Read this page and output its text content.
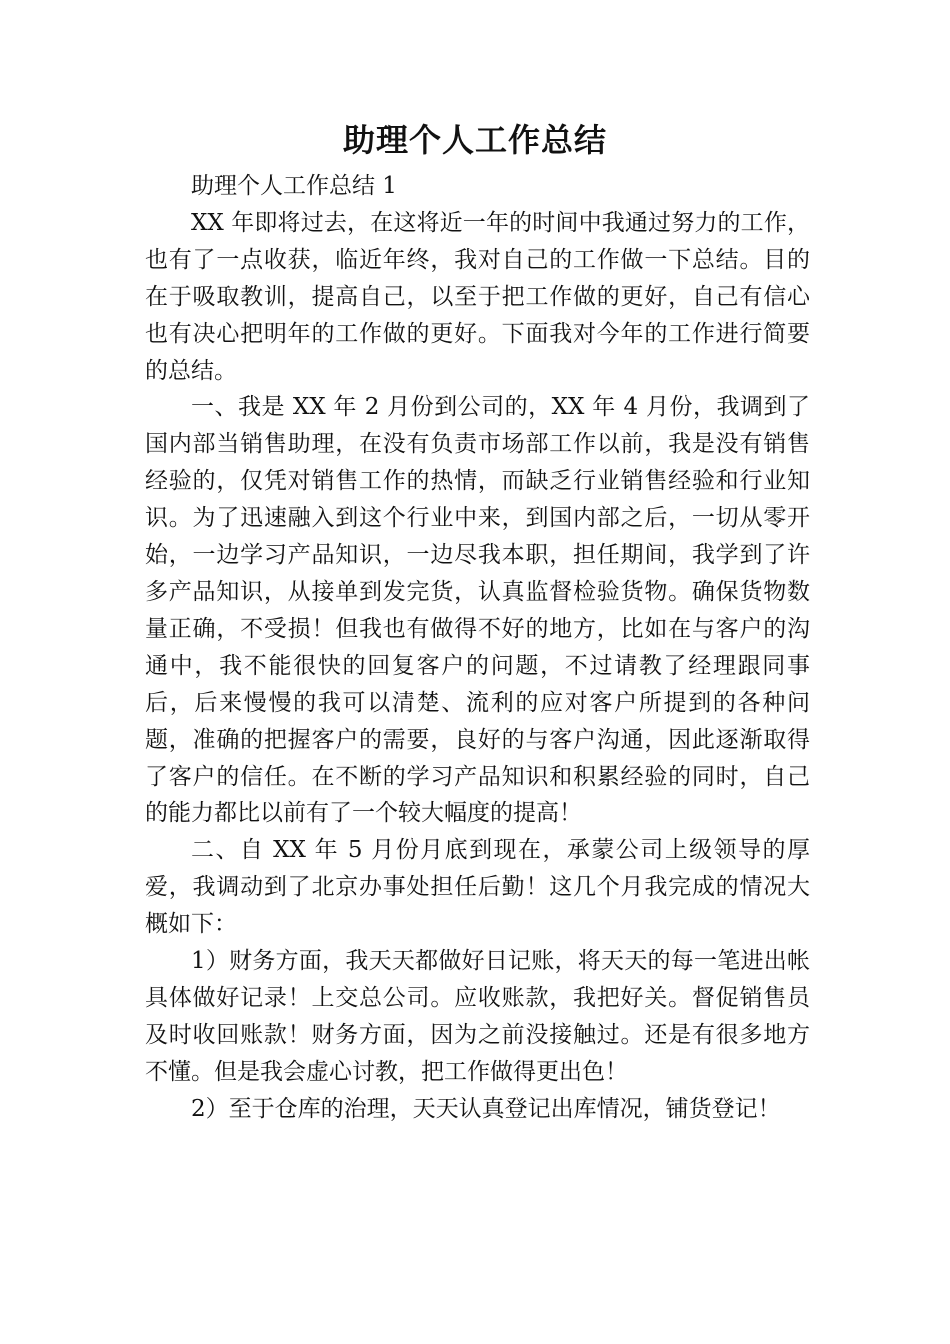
助理个人工作总结

助理个人工作总结 1

XX 年即将过去，在这将近一年的时间中我通过努力的工作，也有了一点收获，临近年终，我对自己的工作做一下总结。目的在于吸取教训，提高自己，以至于把工作做的更好，自己有信心也有决心把明年的工作做的更好。下面我对今年的工作进行简要的总结。

一、我是 XX 年 2 月份到公司的，XX 年 4 月份，我调到了国内部当销售助理，在没有负责市场部工作以前，我是没有销售经验的，仅凭对销售工作的热情，而缺乏行业销售经验和行业知识。为了迅速融入到这个行业中来，到国内部之后，一切从零开始，一边学习产品知识，一边尽我本职，担任期间，我学到了许多产品知识，从接单到发完货，认真监督检验货物。确保货物数量正确，不受损！但我也有做得不好的地方，比如在与客户的沟通中，我不能很快的回复客户的问题，不过请教了经理跟同事后，后来慢慢的我可以清楚、流利的应对客户所提到的各种问题，准确的把握客户的需要，良好的与客户沟通，因此逐渐取得了客户的信任。在不断的学习产品知识和积累经验的同时，自己的能力都比以前有了一个较大幅度的提高！

二、自 XX 年 5 月份月底到现在，承蒙公司上级领导的厚爱，我调动到了北京办事处担任后勤！这几个月我完成的情况大概如下：

1）财务方面，我天天都做好日记账，将天天的每一笔进出帐具体做好记录！上交总公司。应收账款，我把好关。督促销售员及时收回账款！财务方面，因为之前没接触过。还是有很多地方不懂。但是我会虚心讨教，把工作做得更出色！

2）至于仓库的治理，天天认真登记出库情况，铺货登记！
